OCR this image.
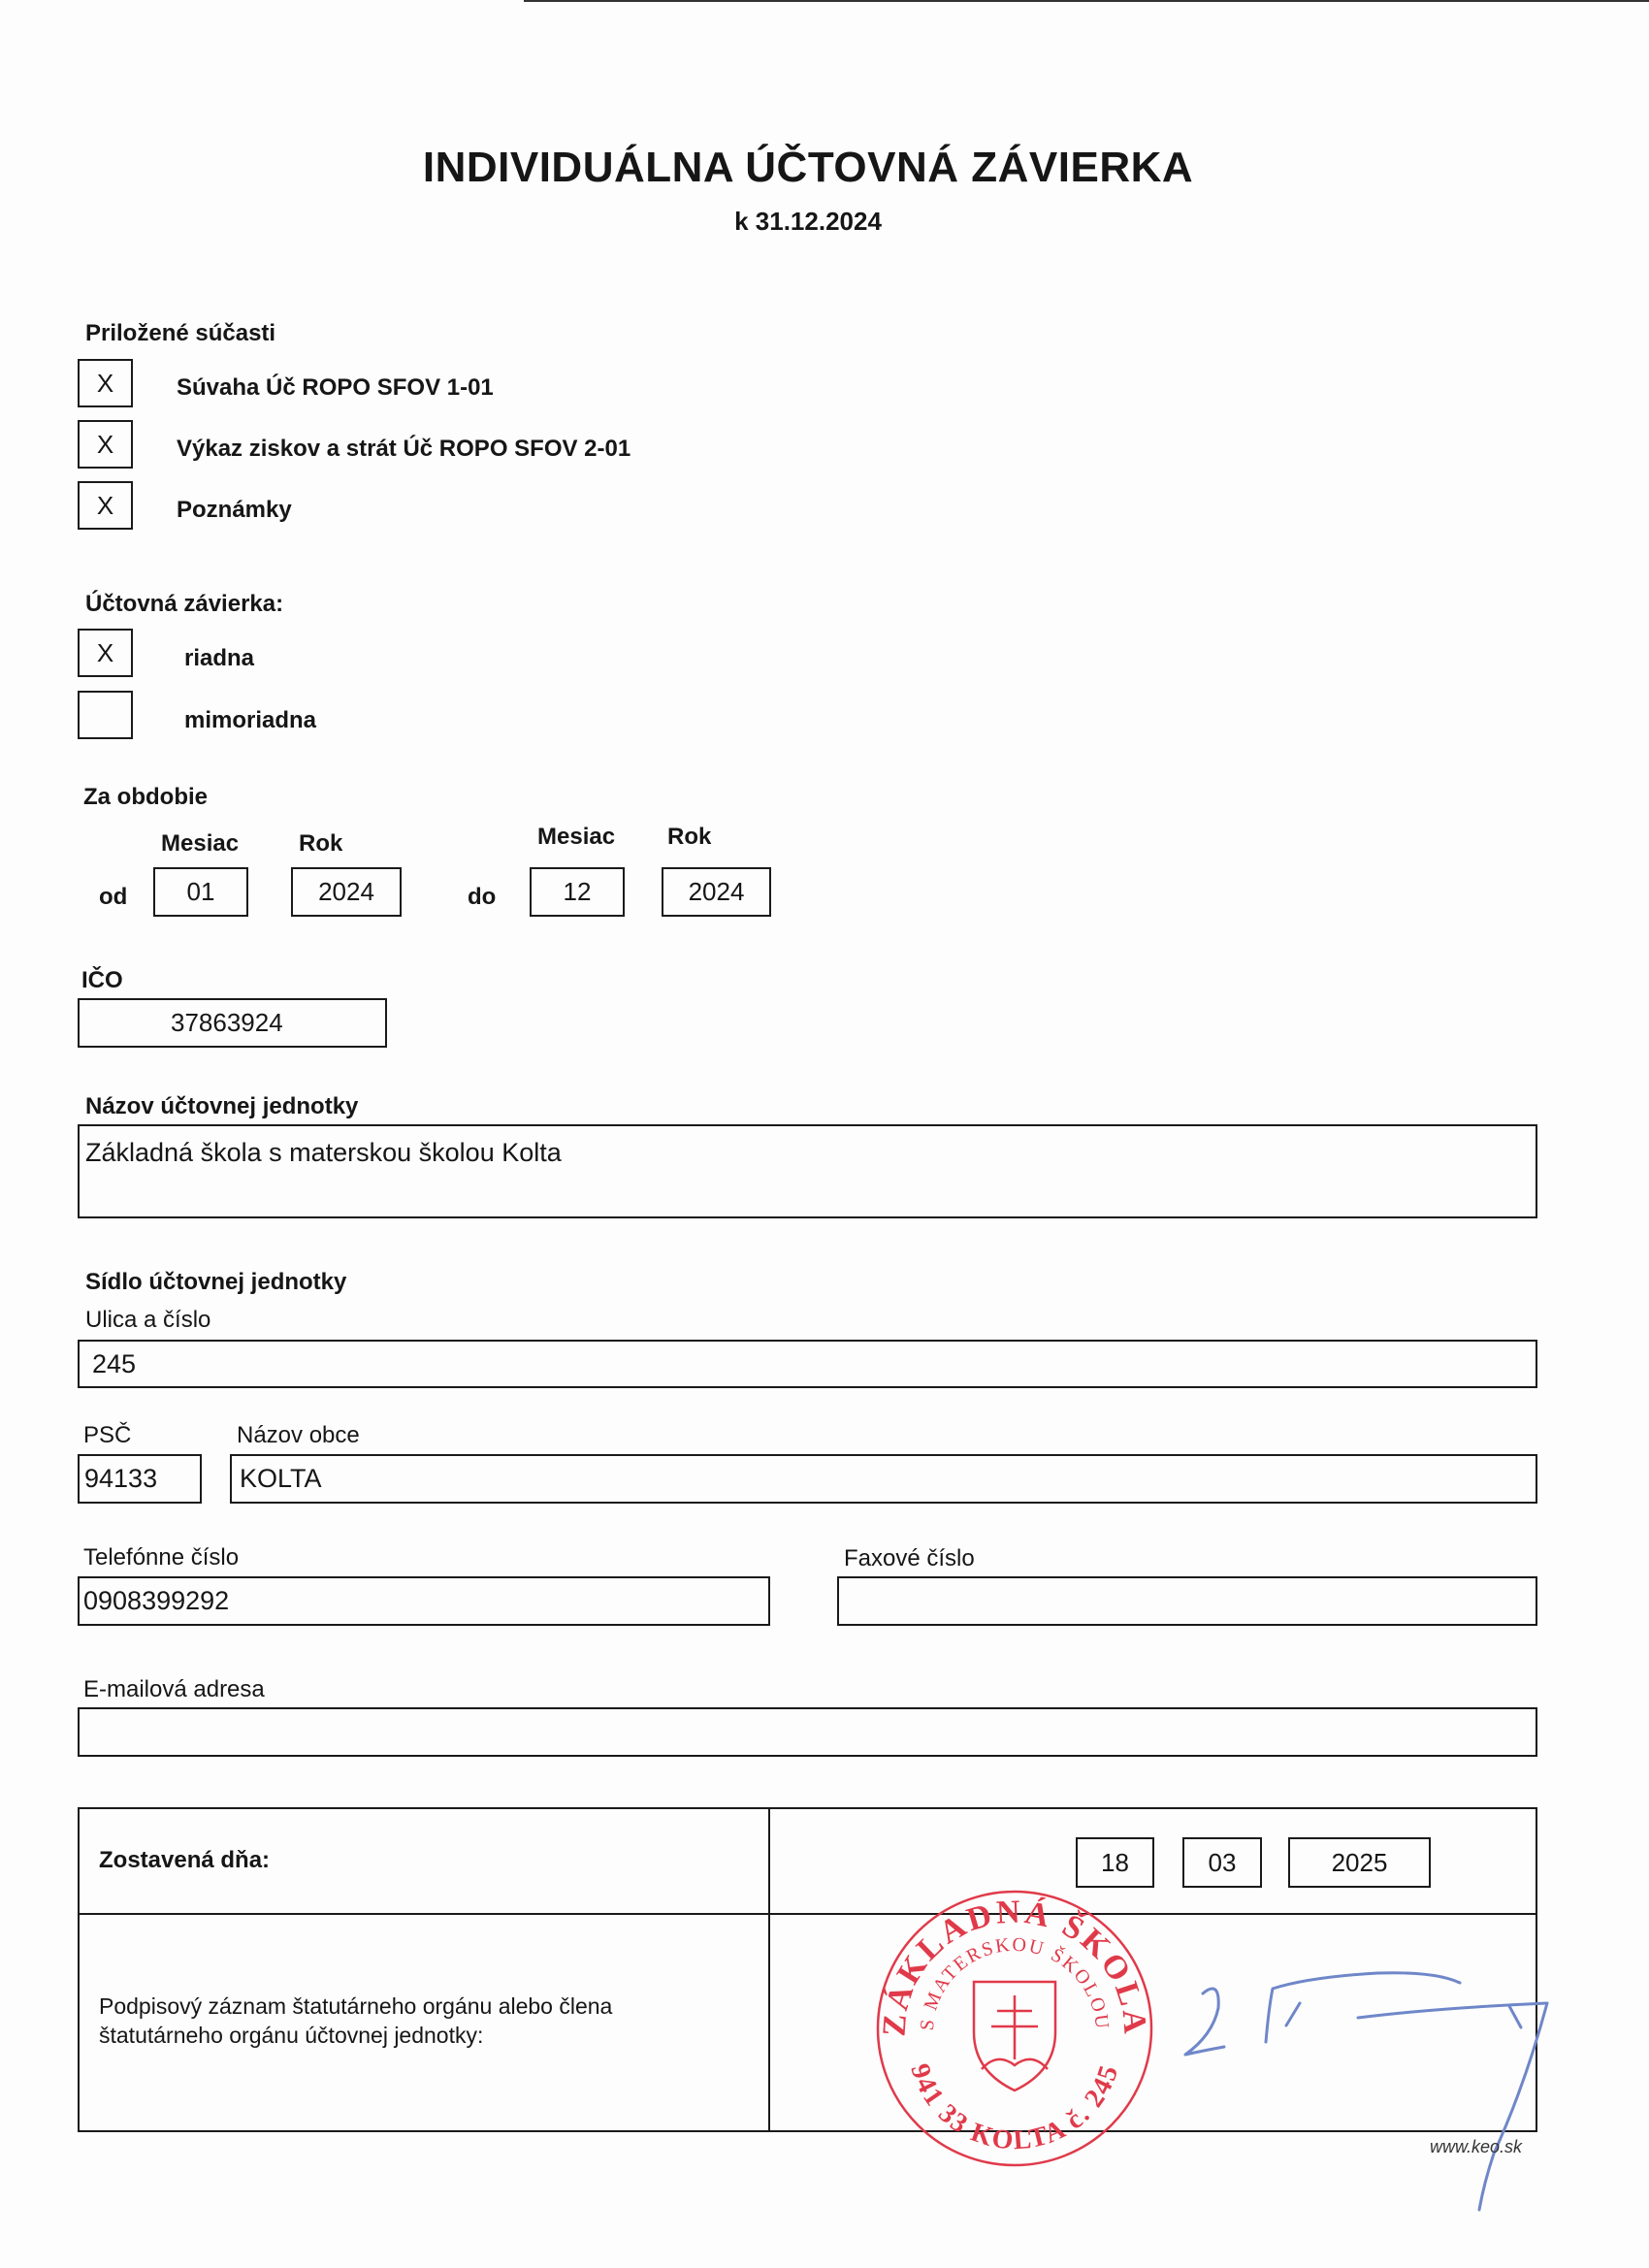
INDIVIDUÁLNA ÚČTOVNÁ ZÁVIERKA
k 31.12.2024
Priložené súčasti
X	Súvaha Úč ROPO SFOV 1-01
X	Výkaz ziskov a strát Úč ROPO SFOV 2-01
X	Poznámky
Účtovná závierka:
X	riadna
mimoriadna
Za obdobie
Mesiac	Rok	Mesiac Rok
od	01	2024	do	12	2024
IČO
37863924
Názov účtovnej jednotky
Základná škola s materskou školou Kolta
Sídlo účtovnej jednotky
Ulica a číslo
245
PSČ	Názov obce
94133	KOLTA
Telefónne číslo	Faxové číslo
0908399292
E-mailová adresa
Zostavená dňa:	18	03	2025
Podpisový záznam štatutárneho orgánu alebo člena
štatutárneho orgánu účtovnej jednotky:	ZÁKLADNÁ ŠKOLA
S MATERSKOU ŠKOLOU
941 33 KOLTA č. 245
www.keo.sk
